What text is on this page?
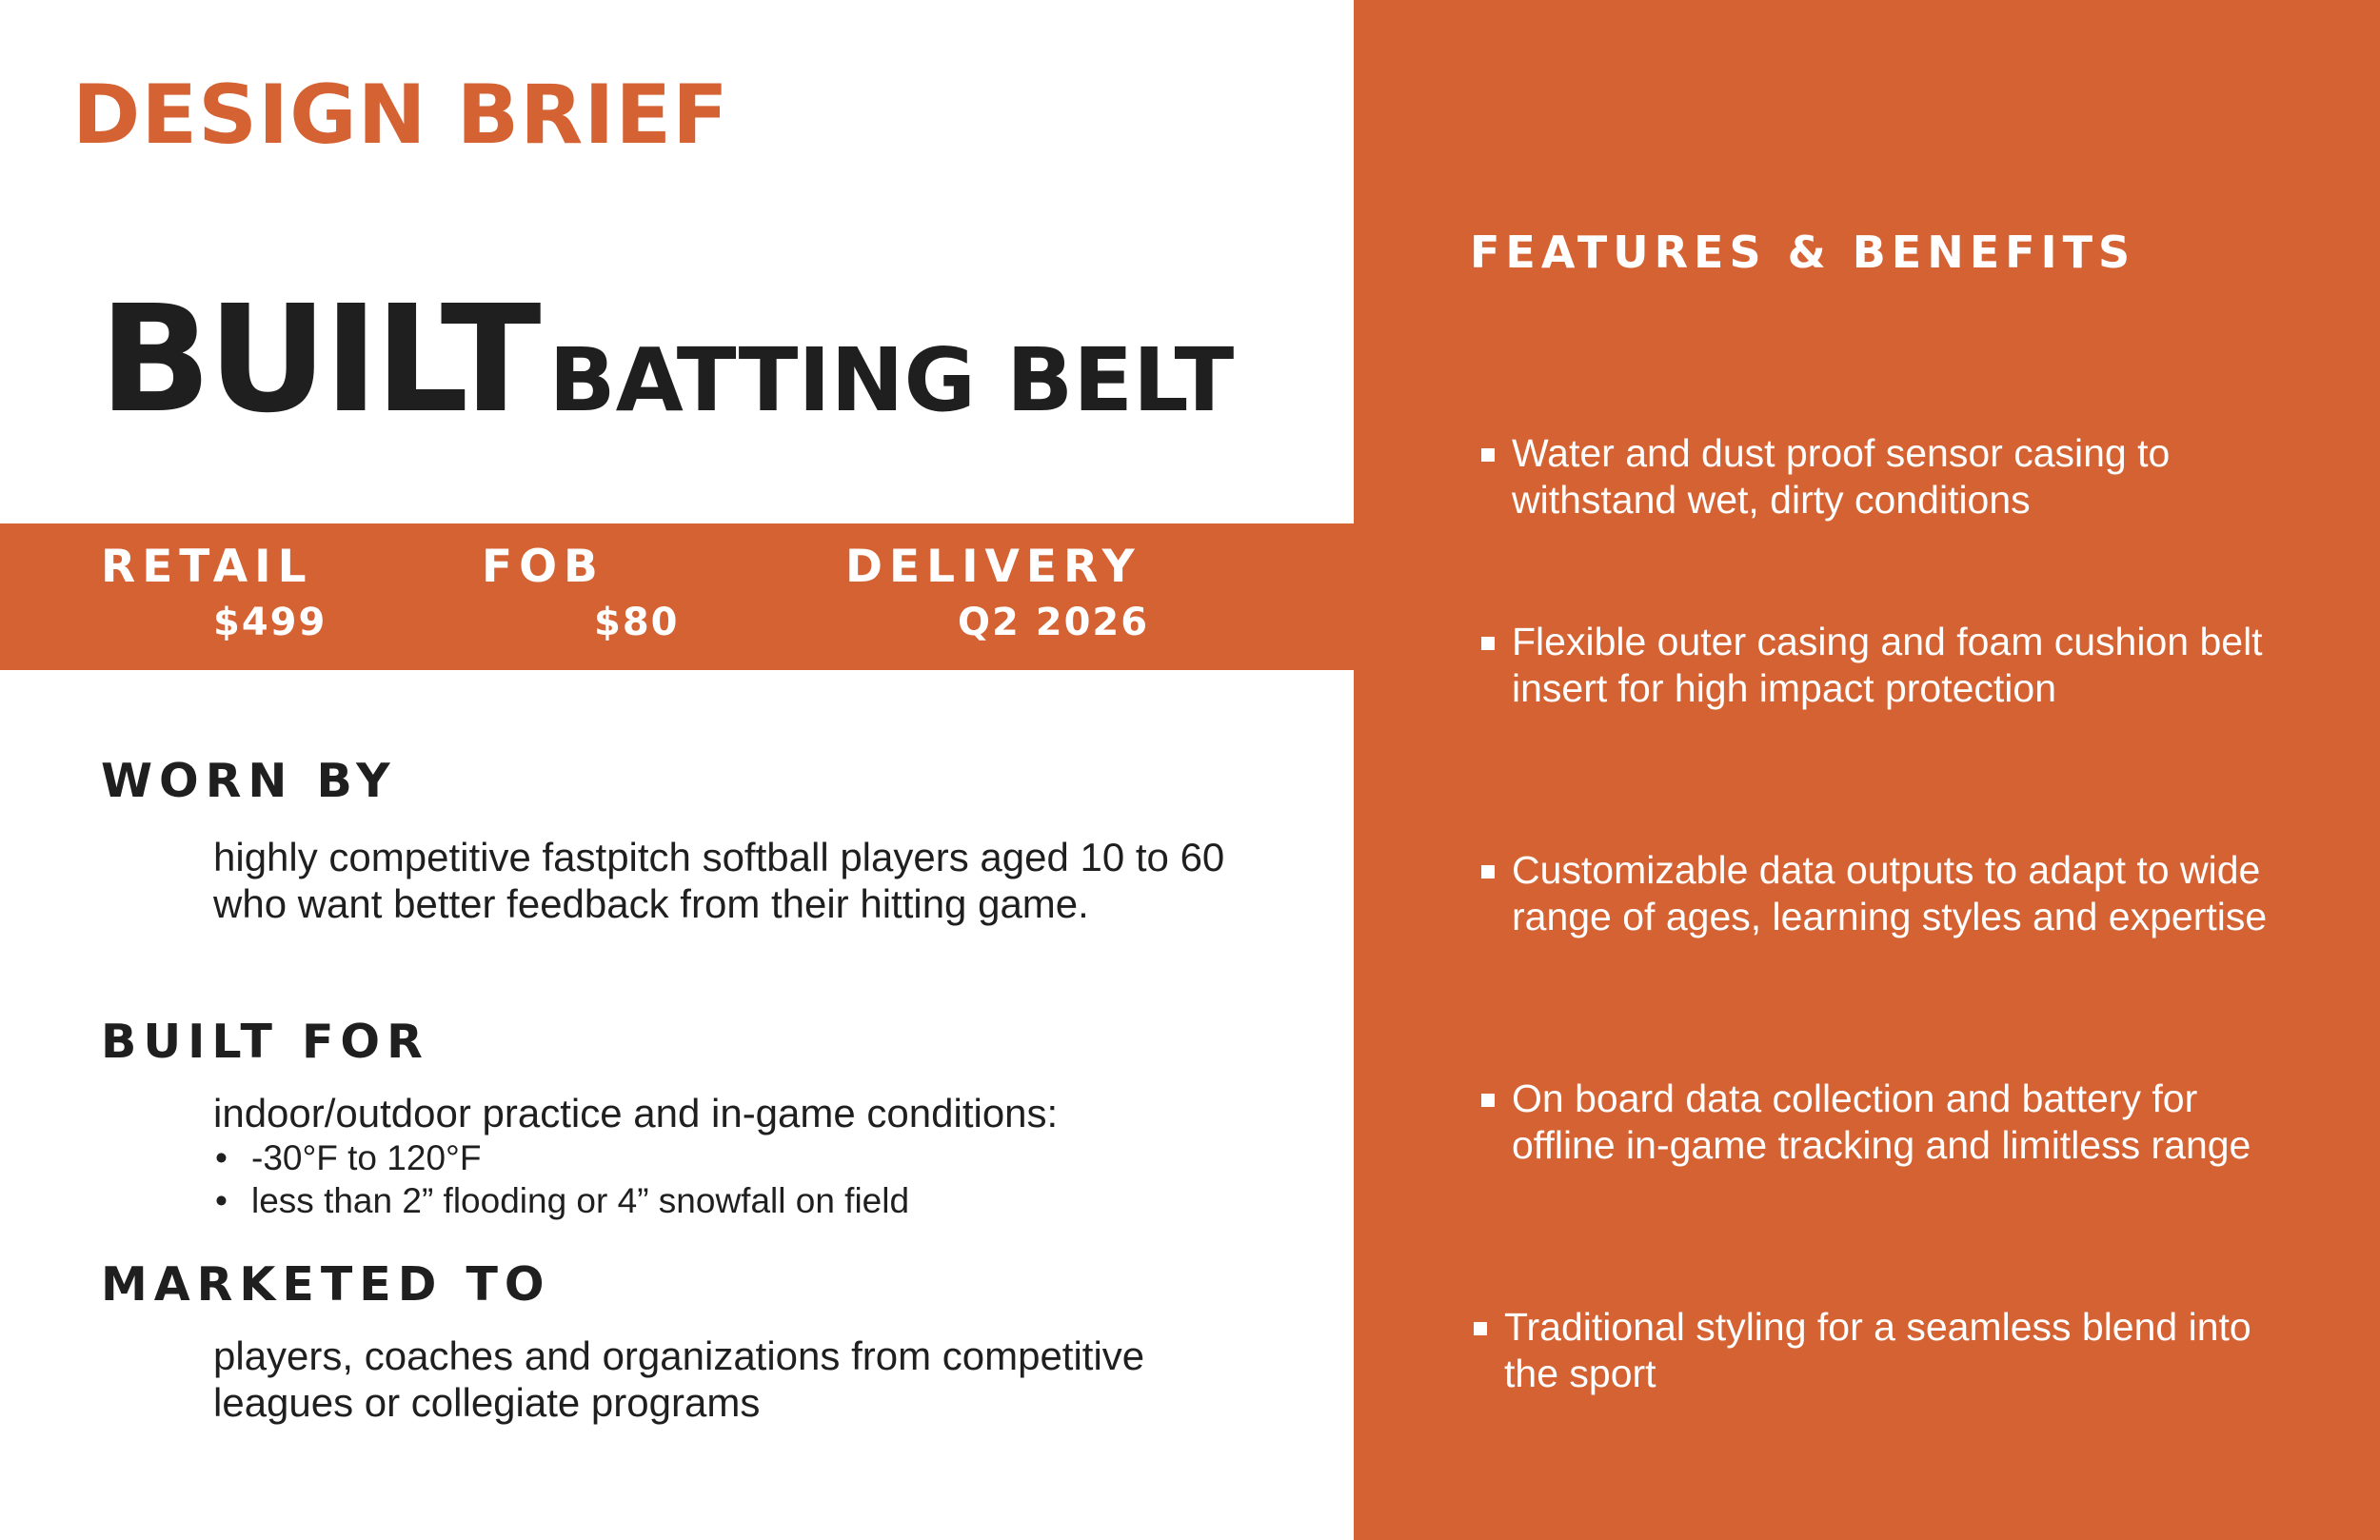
DESIGN BRIEF
BUILT BATTING BELT
RETAIL
$499
FOB
$80
DELIVERY
Q2 2026
WORN BY
highly competitive fastpitch softball players aged 10 to 60 who want better feedback from their hitting game.
BUILT FOR
indoor/outdoor practice and in-game conditions:
• -30°F to 120°F
• less than 2” flooding or 4” snowfall on field
MARKETED TO
players, coaches and organizations from competitive leagues or collegiate programs
FEATURES & BENEFITS
Water and dust proof sensor casing to withstand wet, dirty conditions
Flexible outer casing and foam cushion belt insert for high impact protection
Customizable data outputs to adapt to wide range of ages, learning styles and expertise
On board data collection and battery for offline in-game tracking and limitless range
Traditional styling for a seamless blend into the sport
